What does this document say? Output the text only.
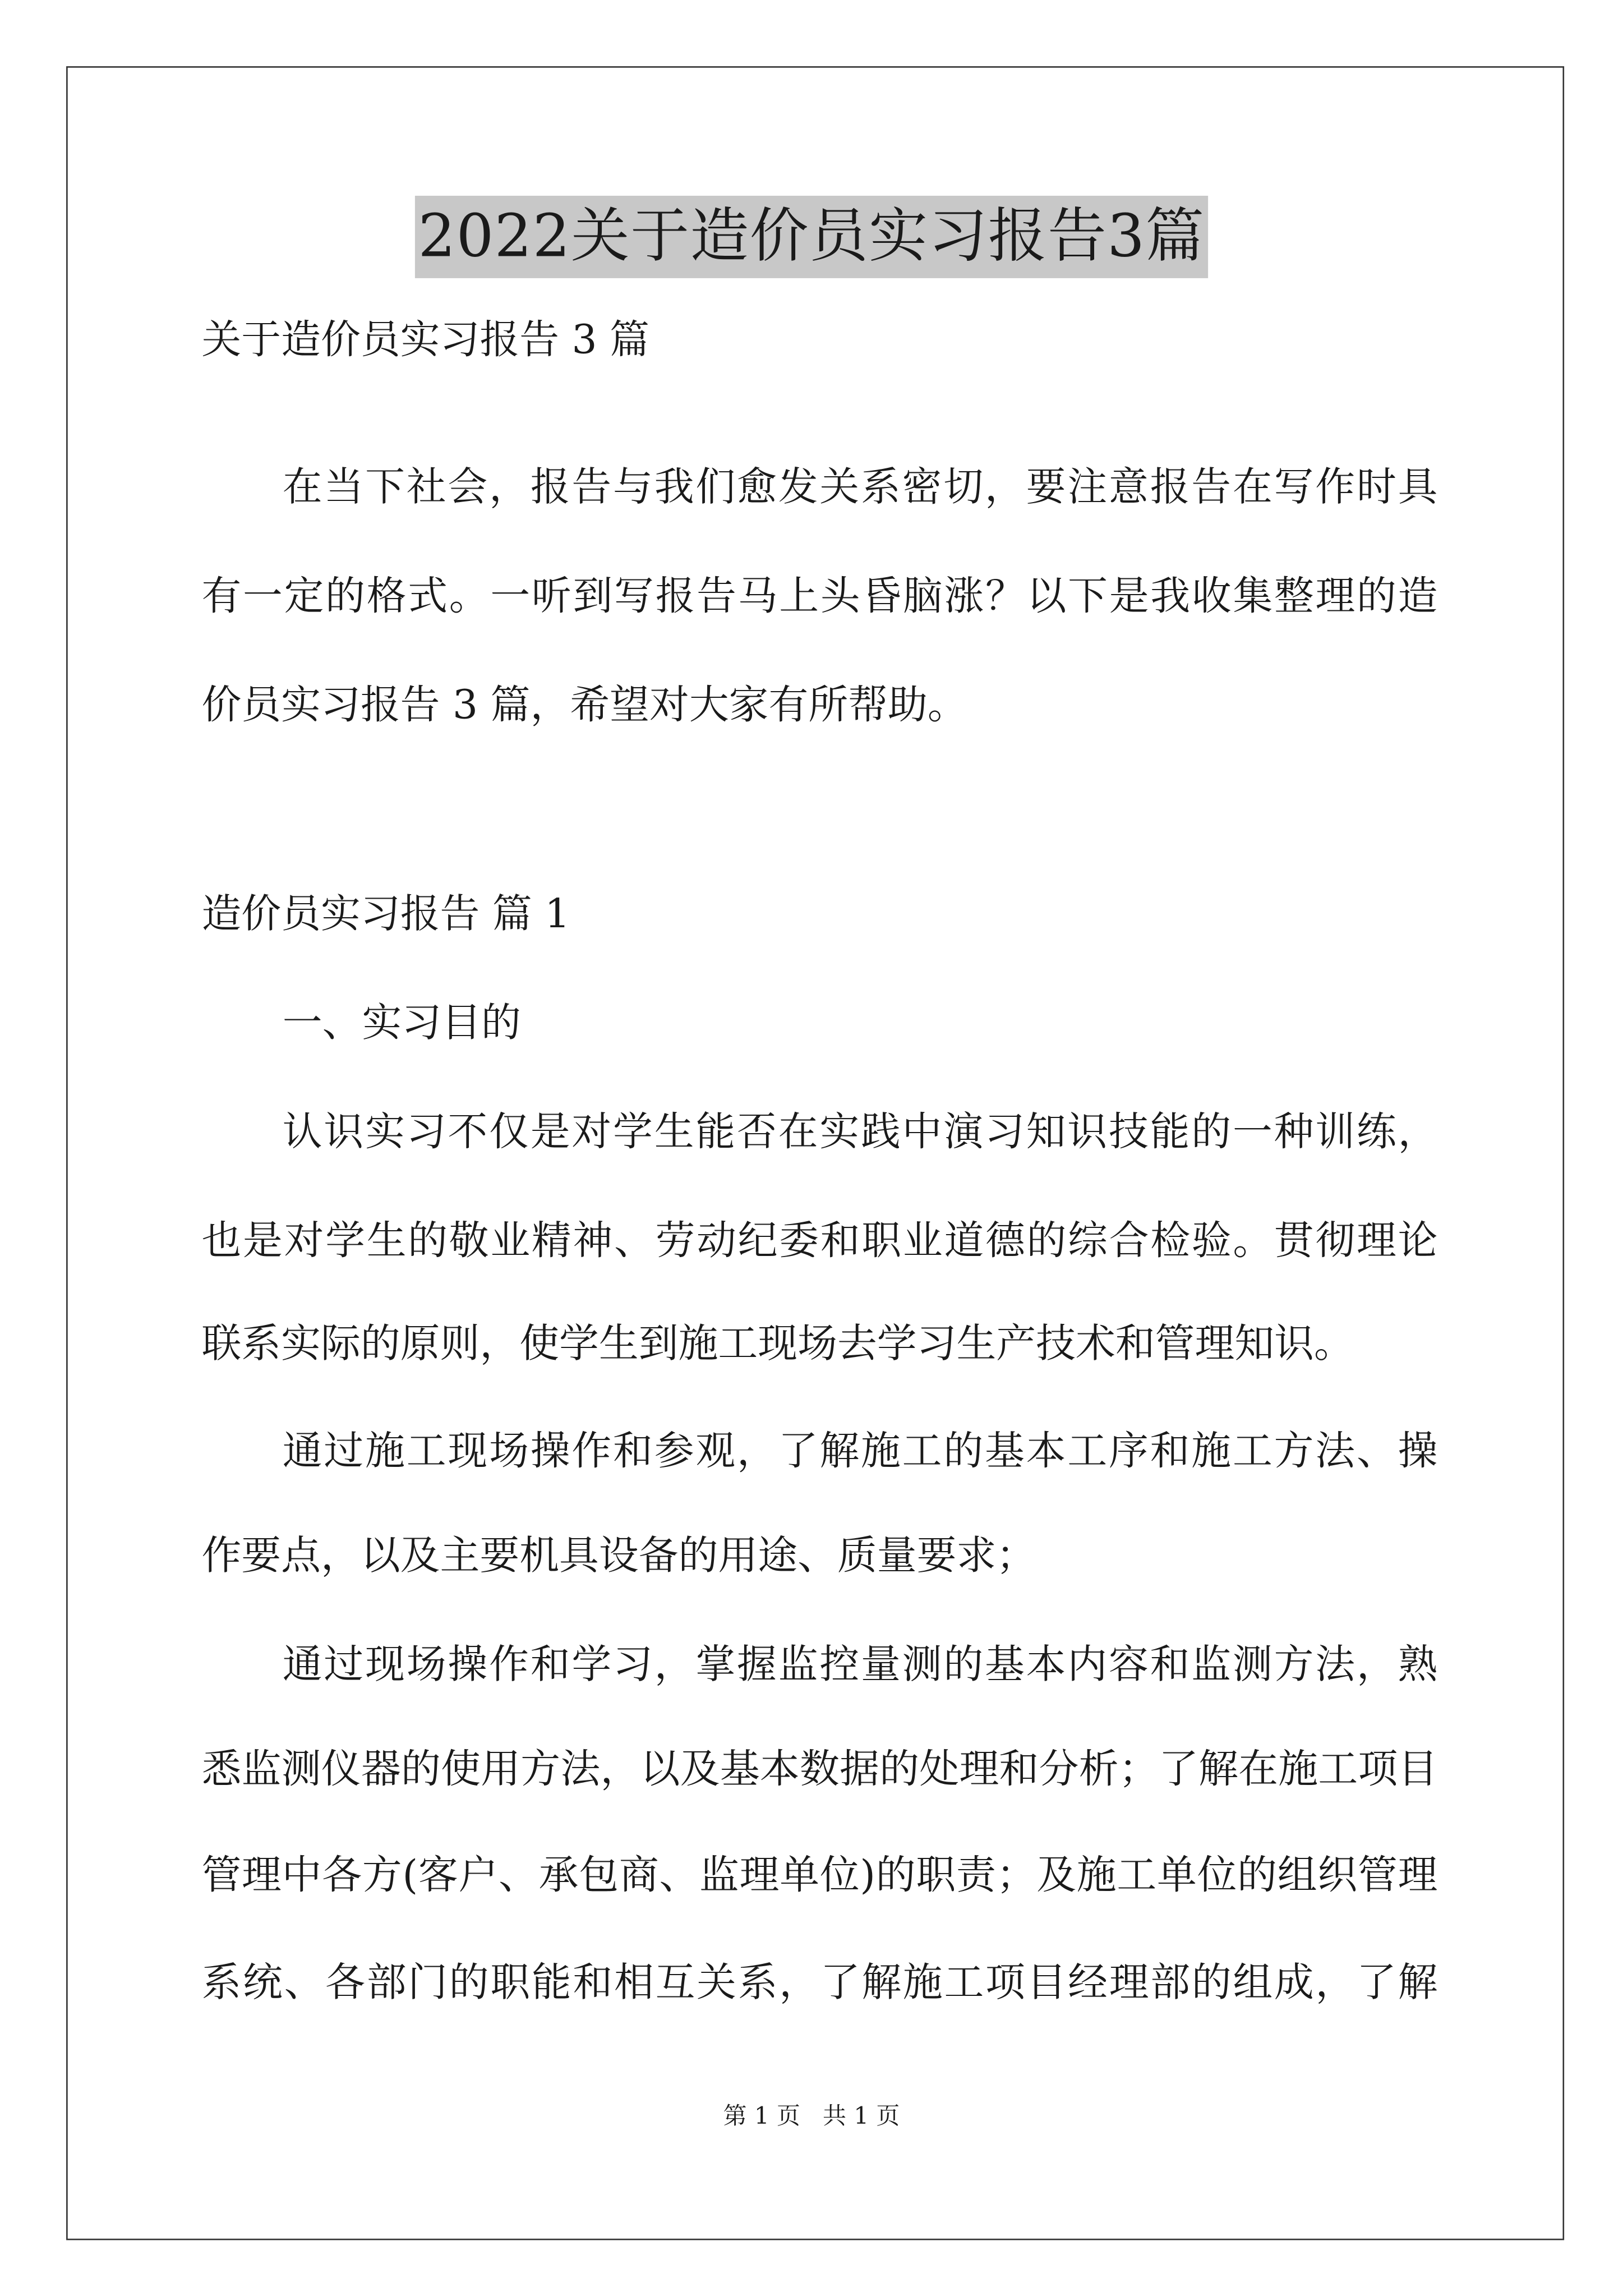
2022关于造价员实习报告3篇
关于造价员实习报告 3 篇
在当下社会，报告与我们愈发关系密切，要注意报告在写作时具
有一定的格式。一听到写报告马上头昏脑涨？以下是我收集整理的造
价员实习报告 3 篇，希望对大家有所帮助。
造价员实习报告 篇 1
一、实习目的
认识实习不仅是对学生能否在实践中演习知识技能的一种训练，
也是对学生的敬业精神、劳动纪委和职业道德的综合检验。贯彻理论
联系实际的原则，使学生到施工现场去学习生产技术和管理知识。
通过施工现场操作和参观，了解施工的基本工序和施工方法、操
作要点，以及主要机具设备的用途、质量要求；
通过现场操作和学习，掌握监控量测的基本内容和监测方法，熟
悉监测仪器的使用方法，以及基本数据的处理和分析；了解在施工项目
管理中各方(客户、承包商、监理单位)的职责；及施工单位的组织管理
系统、各部门的职能和相互关系，了解施工项目经理部的组成，了解
第 1 页	共 1 页
